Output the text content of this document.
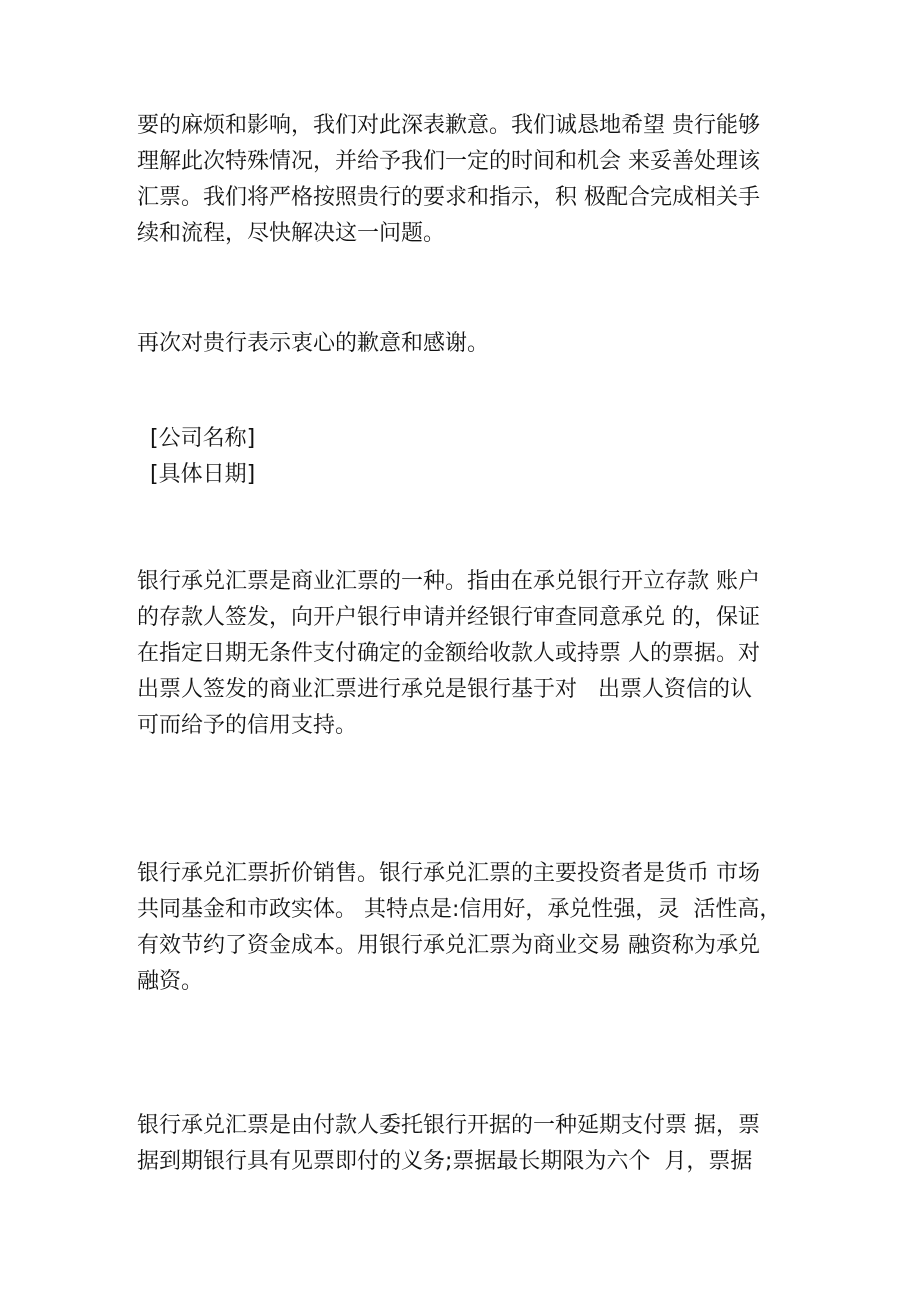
要的麻烦和影响，我们对此深表歉意。我们诚恳地希望 贵行能够
理解此次特殊情况，并给予我们一定的时间和机会 来妥善处理该
汇票。我们将严格按照贵行的要求和指示，积 极配合完成相关手
续和流程，尽快解决这一问题。
再次对贵行表示衷心的歉意和感谢。
[公司名称]
[具体日期]
银行承兑汇票是商业汇票的一种。指由在承兑银行开立存款 账户
的存款人签发，向开户银行申请并经银行审查同意承兑 的，保证
在指定日期无条件支付确定的金额给收款人或持票 人的票据。对
出票人签发的商业汇票进行承兑是银行基于对   出票人资信的认
可而给予的信用支持。
银行承兑汇票折价销售。银行承兑汇票的主要投资者是货币 市场
共同基金和市政实体。 其特点是:信用好，承兑性强，灵  活性高，
有效节约了资金成本。用银行承兑汇票为商业交易 融资称为承兑
融资。
银行承兑汇票是由付款人委托银行开据的一种延期支付票 据，票
据到期银行具有见票即付的义务;票据最长期限为六个  月，票据
